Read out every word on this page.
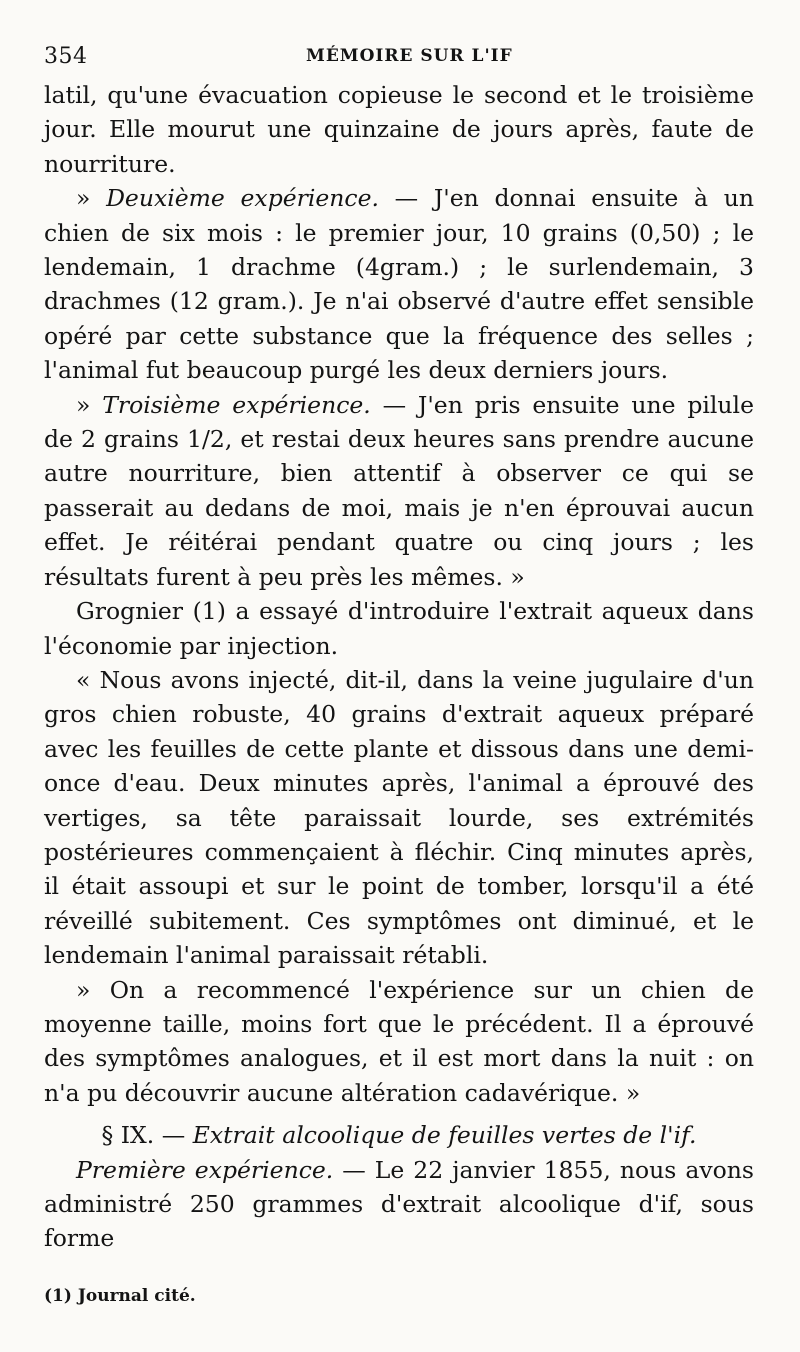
354	MÉMOIRE SUR L'IF

latil, qu'une évacuation copieuse le second et le troisième jour. Elle mourut une quinzaine de jours après, faute de nourriture.

» Deuxième expérience. — J'en donnai ensuite à un chien de six mois : le premier jour, 10 grains (0,50) ; le lendemain, 1 drachme (4gram.) ; le surlendemain, 3 drachmes (12 gram.). Je n'ai observé d'autre effet sensible opéré par cette substance que la fréquence des selles ; l'animal fut beaucoup purgé les deux derniers jours.

» Troisième expérience. — J'en pris ensuite une pilule de 2 grains 1/2, et restai deux heures sans prendre aucune autre nourriture, bien attentif à observer ce qui se passerait au dedans de moi, mais je n'en éprouvai aucun effet. Je réitérai pendant quatre ou cinq jours ; les résultats furent à peu près les mêmes. »

Grognier (1) a essayé d'introduire l'extrait aqueux dans l'économie par injection.

« Nous avons injecté, dit-il, dans la veine jugulaire d'un gros chien robuste, 40 grains d'extrait aqueux préparé avec les feuilles de cette plante et dissous dans une demi-once d'eau. Deux minutes après, l'animal a éprouvé des vertiges, sa tête paraissait lourde, ses extrémités postérieures commençaient à fléchir. Cinq minutes après, il était assoupi et sur le point de tomber, lorsqu'il a été réveillé subitement. Ces symptômes ont diminué, et le lendemain l'animal paraissait rétabli.

» On a recommencé l'expérience sur un chien de moyenne taille, moins fort que le précédent. Il a éprouvé des symptômes analogues, et il est mort dans la nuit : on n'a pu découvrir aucune altération cadavérique. »

§ IX. — Extrait alcoolique de feuilles vertes de l'if.

Première expérience. — Le 22 janvier 1855, nous avons administré 250 grammes d'extrait alcoolique d'if, sous forme

(1) Journal cité.
